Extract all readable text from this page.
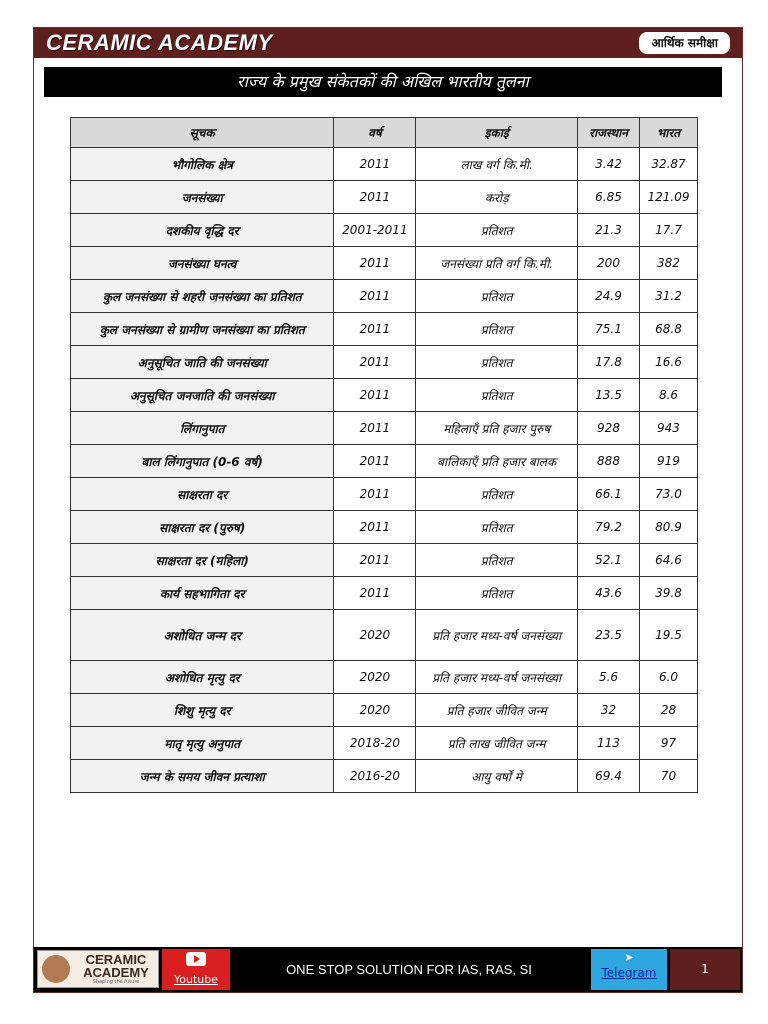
CERAMIC ACADEMY	आर्थिक समीक्षा
राज्य के प्रमुख संकेतकों की अखिल भारतीय तुलना
सूचक	वर्ष	इकाई	राजस्थान	भारत
भौगोलिक क्षेत्र	2011	लाख वर्ग कि.मी.	3.42	32.87
जनसंख्या	2011	करोड़	6.85	121.09
दशकीय वृद्धि दर	2001-2011	प्रतिशत	21.3	17.7
जनसंख्या घनत्व	2011	जनसंख्या प्रति वर्ग कि.मी.	200	382
कुल जनसंख्या से शहरी जनसंख्या का प्रतिशत	2011	प्रतिशत	24.9	31.2
कुल जनसंख्या से ग्रामीण जनसंख्या का प्रतिशत	2011	प्रतिशत	75.1	68.8
अनुसूचित जाति की जनसंख्या	2011	प्रतिशत	17.8	16.6
अनुसूचित जनजाति की जनसंख्या	2011	प्रतिशत	13.5	8.6
लिंगानुपात	2011	महिलाएँ प्रति हजार पुरुष	928	943
बाल लिंगानुपात (0-6 वर्ष)	2011	बालिकाएँ प्रति हजार बालक	888	919
साक्षरता दर	2011	प्रतिशत	66.1	73.0
साक्षरता दर (पुरुष)	2011	प्रतिशत	79.2	80.9
साक्षरता दर (महिला)	2011	प्रतिशत	52.1	64.6
कार्य सहभागिता दर	2011	प्रतिशत	43.6	39.8
अशोधित जन्म दर	2020	प्रति हजार मध्य-वर्ष जनसंख्या	23.5	19.5
अशोधित मृत्यु दर	2020	प्रति हजार मध्य-वर्ष जनसंख्या	5.6	6.0
शिशु मृत्यु दर	2020	प्रति हजार जीवित जन्म	32	28
मातृ मृत्यु अनुपात	2018-20	प्रति लाख जीवित जन्म	113	97
जन्म के समय जीवन प्रत्याशा	2016-20	आयु वर्षों मे	69.4	70
CERAMIC
ACADEMY
Shaping the future	Youtube
ONE STOP SOLUTION FOR IAS, RAS, SI
➤
Telegram	1
